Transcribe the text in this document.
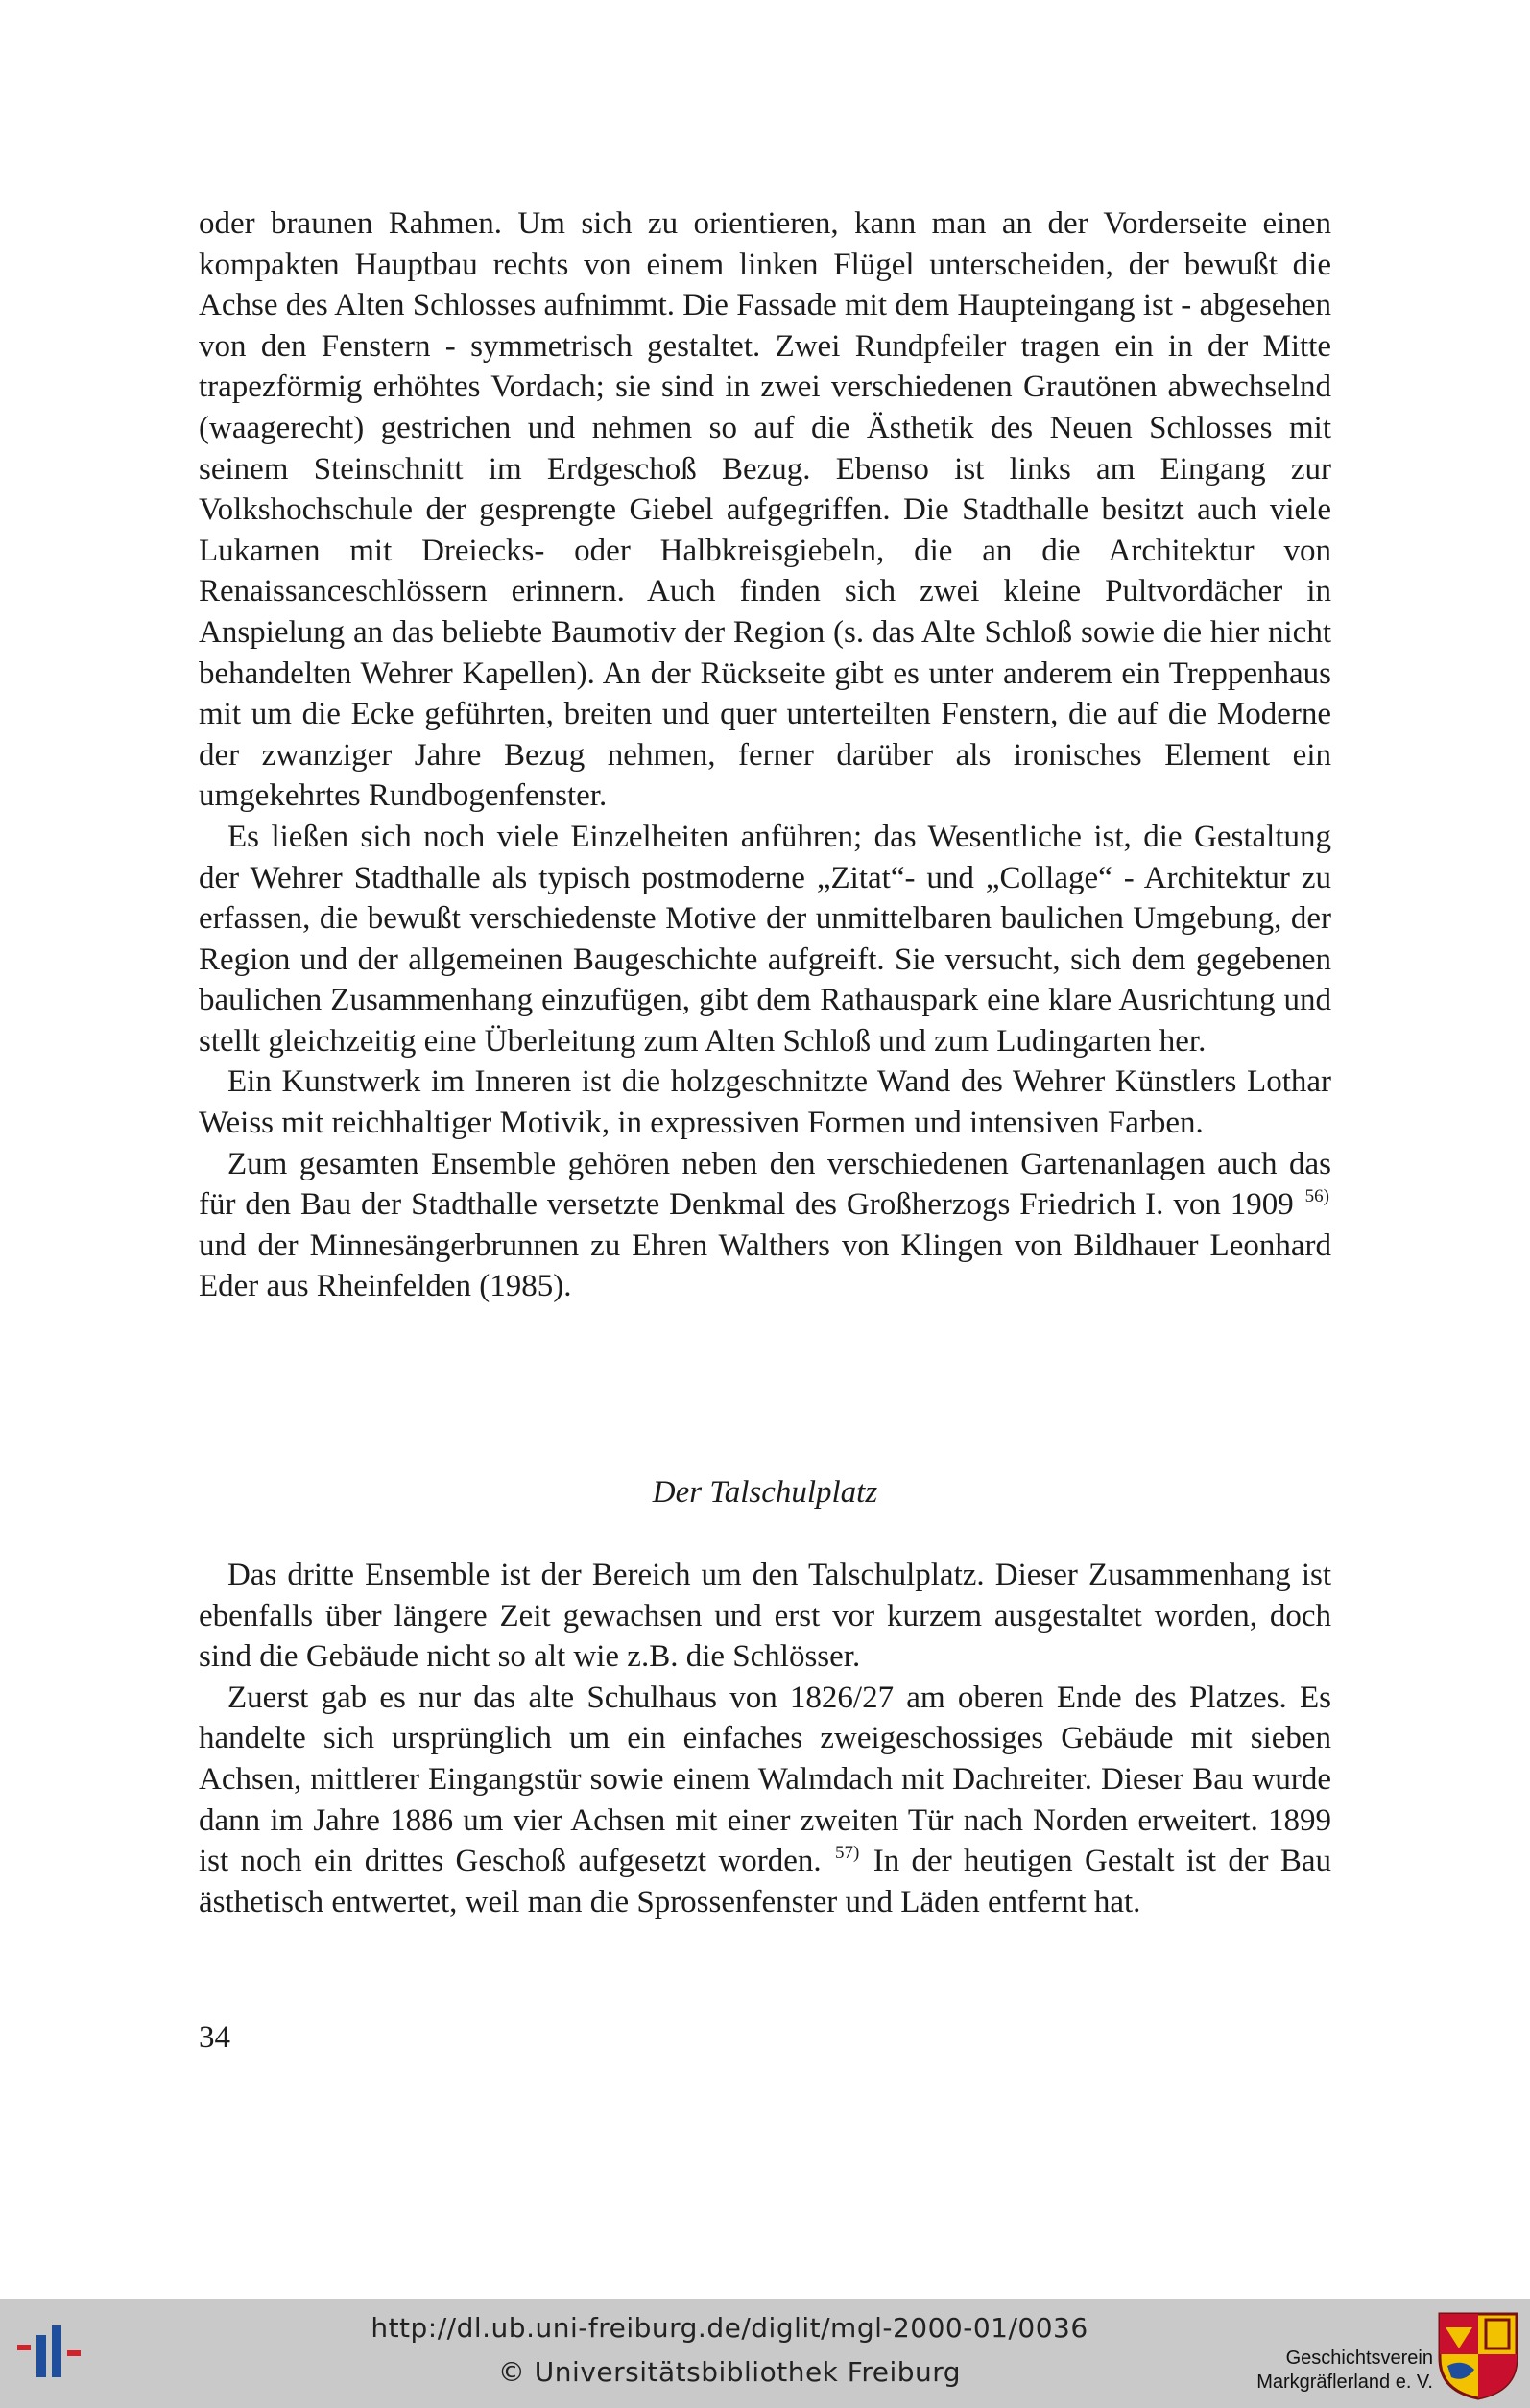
oder braunen Rahmen. Um sich zu orientieren, kann man an der Vorderseite einen kompakten Hauptbau rechts von einem linken Flügel unterscheiden, der bewußt die Achse des Alten Schlosses aufnimmt. Die Fassade mit dem Haupteingang ist - abgesehen von den Fenstern - symmetrisch gestaltet. Zwei Rundpfeiler tragen ein in der Mitte trapezförmig erhöhtes Vordach; sie sind in zwei verschiedenen Grautönen abwechselnd (waagerecht) gestrichen und nehmen so auf die Ästhetik des Neuen Schlosses mit seinem Steinschnitt im Erdgeschoß Bezug. Ebenso ist links am Eingang zur Volkshochschule der gesprengte Giebel aufgegriffen. Die Stadthalle besitzt auch viele Lukarnen mit Dreiecks- oder Halbkreisgiebeln, die an die Architektur von Renaissanceschlössern erinnern. Auch finden sich zwei kleine Pultvordächer in Anspielung an das beliebte Baumotiv der Region (s. das Alte Schloß sowie die hier nicht behandelten Wehrer Kapellen). An der Rückseite gibt es unter anderem ein Treppenhaus mit um die Ecke geführten, breiten und quer unterteilten Fenstern, die auf die Moderne der zwanziger Jahre Bezug nehmen, ferner darüber als ironisches Element ein umgekehrtes Rundbogenfenster.

Es ließen sich noch viele Einzelheiten anführen; das Wesentliche ist, die Gestaltung der Wehrer Stadthalle als typisch postmoderne „Zitat“- und „Collage“ - Architektur zu erfassen, die bewußt verschiedenste Motive der unmittelbaren baulichen Umgebung, der Region und der allgemeinen Baugeschichte aufgreift. Sie versucht, sich dem gegebenen baulichen Zusammenhang einzufügen, gibt dem Rathauspark eine klare Ausrichtung und stellt gleichzeitig eine Überleitung zum Alten Schloß und zum Ludingarten her.

Ein Kunstwerk im Inneren ist die holzgeschnitzte Wand des Wehrer Künstlers Lothar Weiss mit reichhaltiger Motivik, in expressiven Formen und intensiven Farben.

Zum gesamten Ensemble gehören neben den verschiedenen Gartenanlagen auch das für den Bau der Stadthalle versetzte Denkmal des Großherzogs Friedrich I. von 1909 $^{56)}$ und der Minnesängerbrunnen zu Ehren Walthers von Klingen von Bildhauer Leonhard Eder aus Rheinfelden (1985).

Der Talschulplatz

Das dritte Ensemble ist der Bereich um den Talschulplatz. Dieser Zusammenhang ist ebenfalls über längere Zeit gewachsen und erst vor kurzem ausgestaltet worden, doch sind die Gebäude nicht so alt wie z.B. die Schlösser.

Zuerst gab es nur das alte Schulhaus von 1826/27 am oberen Ende des Platzes. Es handelte sich ursprünglich um ein einfaches zweigeschossiges Gebäude mit sieben Achsen, mittlerer Eingangstür sowie einem Walmdach mit Dachreiter. Dieser Bau wurde dann im Jahre 1886 um vier Achsen mit einer zweiten Tür nach Norden erweitert. 1899 ist noch ein drittes Geschoß aufgesetzt worden. $^{57)}$ In der heutigen Gestalt ist der Bau ästhetisch entwertet, weil man die Sprossenfenster und Läden entfernt hat.

34
http://dl.ub.uni-freiburg.de/diglit/mgl-2000-01/0036
© Universitätsbibliothek Freiburg	Geschichtsverein
Markgräflerland e. V.
